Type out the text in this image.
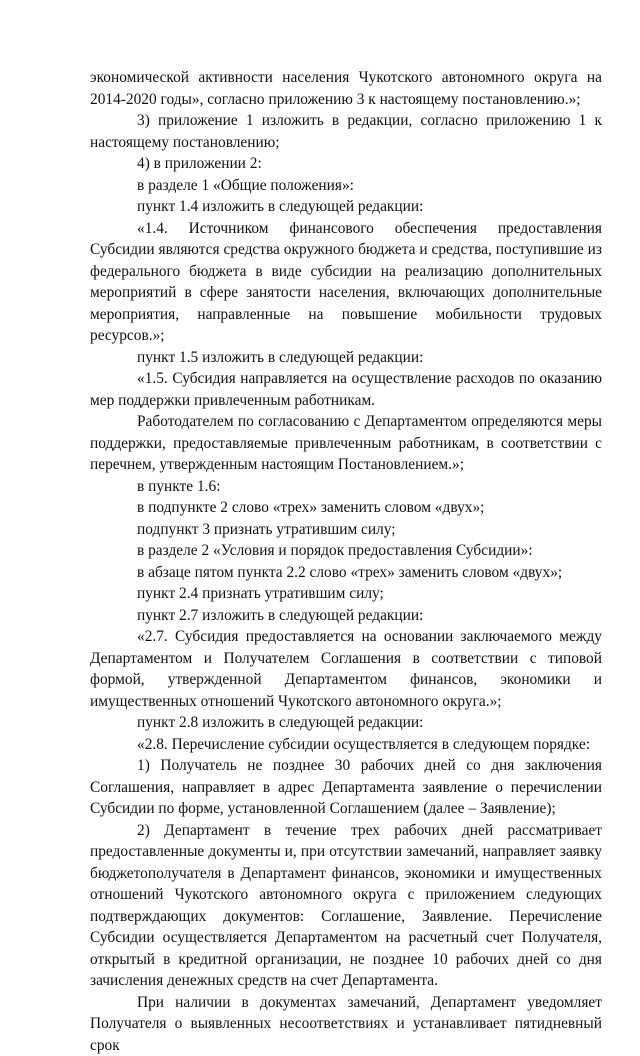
экономической активности населения Чукотского автономного округа на 2014-2020 годы», согласно приложению 3 к настоящему постановлению.»;

3) приложение 1 изложить в редакции, согласно приложению 1 к настоящему постановлению;

4) в приложении 2:

в разделе 1 «Общие положения»:

пункт 1.4 изложить в следующей редакции:

«1.4. Источником финансового обеспечения предоставления Субсидии являются средства окружного бюджета и средства, поступившие из федерального бюджета в виде субсидии на реализацию дополнительных мероприятий в сфере занятости населения, включающих дополнительные мероприятия, направленные на повышение мобильности трудовых ресурсов.»;

пункт 1.5 изложить в следующей редакции:

«1.5. Субсидия направляется на осуществление расходов по оказанию мер поддержки привлеченным работникам.

Работодателем по согласованию с Департаментом определяются меры поддержки, предоставляемые привлеченным работникам, в соответствии с перечнем, утвержденным настоящим Постановлением.»;

в пункте 1.6:

в подпункте 2 слово «трех» заменить словом «двух»;

подпункт 3 признать утратившим силу;

в разделе 2 «Условия и порядок предоставления Субсидии»:

в абзаце пятом пункта 2.2 слово «трех» заменить словом «двух»;

пункт 2.4 признать утратившим силу;

пункт 2.7 изложить в следующей редакции:

«2.7. Субсидия предоставляется на основании заключаемого между Департаментом и Получателем Соглашения в соответствии с типовой формой, утвержденной Департаментом финансов, экономики и имущественных отношений Чукотского автономного округа.»;

пункт 2.8 изложить в следующей редакции:

«2.8. Перечисление субсидии осуществляется в следующем порядке:

1) Получатель не позднее 30 рабочих дней со дня заключения Соглашения, направляет в адрес Департамента заявление о перечислении Субсидии по форме, установленной Соглашением (далее – Заявление);

2) Департамент в течение трех рабочих дней рассматривает предоставленные документы и, при отсутствии замечаний, направляет заявку бюджетополучателя в Департамент финансов, экономики и имущественных отношений Чукотского автономного округа с приложением следующих подтверждающих документов: Соглашение, Заявление. Перечисление Субсидии осуществляется Департаментом на расчетный счет Получателя, открытый в кредитной организации, не позднее 10 рабочих дней со дня зачисления денежных средств на счет Департамента.

При наличии в документах замечаний, Департамент уведомляет Получателя о выявленных несоответствиях и устанавливает пятидневный срок
